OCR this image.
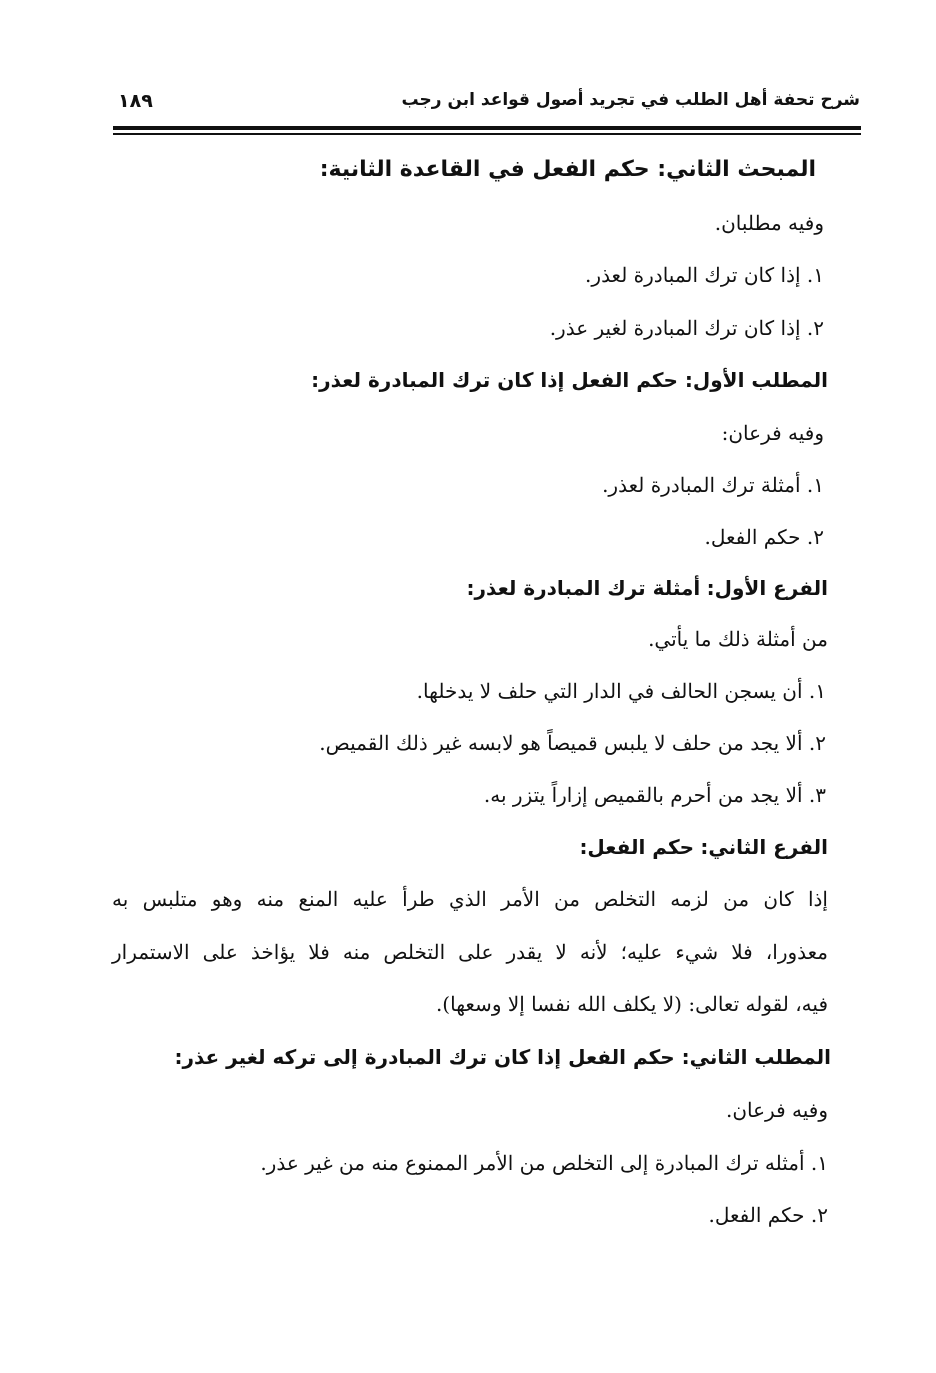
شرح تحفة أهل الطلب في تجريد أصول قواعد ابن رجب
١٨٩
المبحث الثاني: حكم الفعل في القاعدة الثانية:
وفيه مطلبان.
١. إذا كان ترك المبادرة لعذر.
٢. إذا كان ترك المبادرة لغير عذر.
المطلب الأول: حكم الفعل إذا كان ترك المبادرة لعذر:
وفيه فرعان:
١. أمثلة ترك المبادرة لعذر.
٢. حكم الفعل.
الفرع الأول: أمثلة ترك المبادرة لعذر:
من أمثلة ذلك ما يأتي.
١. أن يسجن الحالف في الدار التي حلف لا يدخلها.
٢. ألا يجد من حلف لا يلبس قميصاً هو لابسه غير ذلك القميص.
٣. ألا يجد من أحرم بالقميص إزاراً يتزر به.
الفرع الثاني: حكم الفعل:
إذا كان من لزمه التخلص من الأمر الذي طرأ عليه المنع منه وهو متلبس به
معذورا، فلا شيء عليه؛ لأنه لا يقدر على التخلص منه فلا يؤاخذ على الاستمرار
فيه، لقوله تعالى: (لا يكلف الله نفسا إلا وسعها).
المطلب الثاني: حكم الفعل إذا كان ترك المبادرة إلى تركه لغير عذر:
وفيه فرعان.
١. أمثله ترك المبادرة إلى التخلص من الأمر الممنوع منه من غير عذر.
٢. حكم الفعل.
